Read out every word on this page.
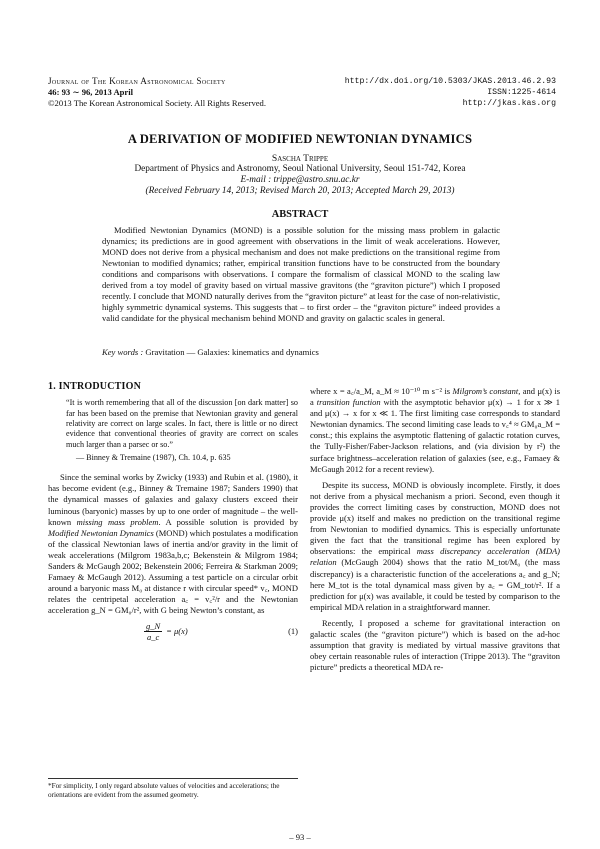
Journal of The Korean Astronomical Society
46: 93 ∼ 96, 2013 April
©2013 The Korean Astronomical Society. All Rights Reserved.
http://dx.doi.org/10.5303/JKAS.2013.46.2.93
ISSN:1225-4614
http://jkas.kas.org
A DERIVATION OF MODIFIED NEWTONIAN DYNAMICS
Sascha Trippe
Department of Physics and Astronomy, Seoul National University, Seoul 151-742, Korea
E-mail : trippe@astro.snu.ac.kr
(Received February 14, 2013; Revised March 20, 2013; Accepted March 29, 2013)
ABSTRACT
Modified Newtonian Dynamics (MOND) is a possible solution for the missing mass problem in galactic dynamics; its predictions are in good agreement with observations in the limit of weak accelerations. However, MOND does not derive from a physical mechanism and does not make predictions on the transitional regime from Newtonian to modified dynamics; rather, empirical transition functions have to be constructed from the boundary conditions and comparisons with observations. I compare the formalism of classical MOND to the scaling law derived from a toy model of gravity based on virtual massive gravitons (the “graviton picture”) which I proposed recently. I conclude that MOND naturally derives from the “graviton picture” at least for the case of non-relativistic, highly symmetric dynamical systems. This suggests that – to first order – the “graviton picture” indeed provides a valid candidate for the physical mechanism behind MOND and gravity on galactic scales in general.
Key words : Gravitation — Galaxies: kinematics and dynamics
1. INTRODUCTION
“It is worth remembering that all of the discussion [on dark matter] so far has been based on the premise that Newtonian gravity and general relativity are correct on large scales. In fact, there is little or no direct evidence that conventional theories of gravity are correct on scales much larger than a parsec or so.”
— Binney & Tremaine (1987), Ch. 10.4, p. 635

Since the seminal works by Zwicky (1933) and Rubin et al. (1980), it has become evident (e.g., Binney & Tremaine 1987; Sanders 1990) that the dynamical masses of galaxies and galaxy clusters exceed their luminous (baryonic) masses by up to one order of magnitude – the well-known missing mass problem. A possible solution is provided by Modified Newtonian Dynamics (MOND) which postulates a modification of the classical Newtonian laws of inertia and/or gravity in the limit of weak accelerations (Milgrom 1983a,b,c; Bekenstein & Milgrom 1984; Sanders & McGaugh 2002; Bekenstein 2006; Ferreira & Starkman 2009; Famaey & McGaugh 2012). Assuming a test particle on a circular orbit around a baryonic mass M₀ at distance r with circular speed* v꜀, MOND relates the centripetal acceleration a꜀ = v꜀²/r and the Newtonian acceleration g_N = GM₀/r², with G being Newton’s constant, as

$\frac{g\_N}{a\_c} = \mu(x)$	(1)

where x = a꜀/a_M, a_M ≈ 10⁻¹⁰ m s⁻² is Milgrom’s constant, and μ(x) is a transition function with the asymptotic behavior μ(x) → 1 for x ≫ 1 and μ(x) → x for x ≪ 1. The first limiting case corresponds to standard Newtonian dynamics. The second limiting case leads to v꜀⁴ ≈ GM₀a_M = const.; this explains the asymptotic flattening of galactic rotation curves, the Tully-Fisher/Faber-Jackson relations, and (via division by r²) the surface brightness–acceleration relation of galaxies (see, e.g., Famaey & McGaugh 2012 for a recent review).

Despite its success, MOND is obviously incomplete. Firstly, it does not derive from a physical mechanism a priori. Second, even though it provides the correct limiting cases by construction, MOND does not provide μ(x) itself and makes no prediction on the transitional regime from Newtonian to modified dynamics. This is especially unfortunate given the fact that the transitional regime has been explored by observations: the empirical mass discrepancy acceleration (MDA) relation (McGaugh 2004) shows that the ratio M_tot/M₀ (the mass discrepancy) is a characteristic function of the accelerations a꜀ and g_N; here M_tot is the total dynamical mass given by a꜀ = GM_tot/r². If a prediction for μ(x) was available, it could be tested by comparison to the empirical MDA relation in a straightforward manner.

Recently, I proposed a scheme for gravitational interaction on galactic scales (the “graviton picture”) which is based on the ad-hoc assumption that gravity is mediated by virtual massive gravitons that obey certain reasonable rules of interaction (Trippe 2013). The “graviton picture” predicts a theoretical MDA re-

*For simplicity, I only regard absolute values of velocities and accelerations; the orientations are evident from the assumed geometry.
– 93 –
